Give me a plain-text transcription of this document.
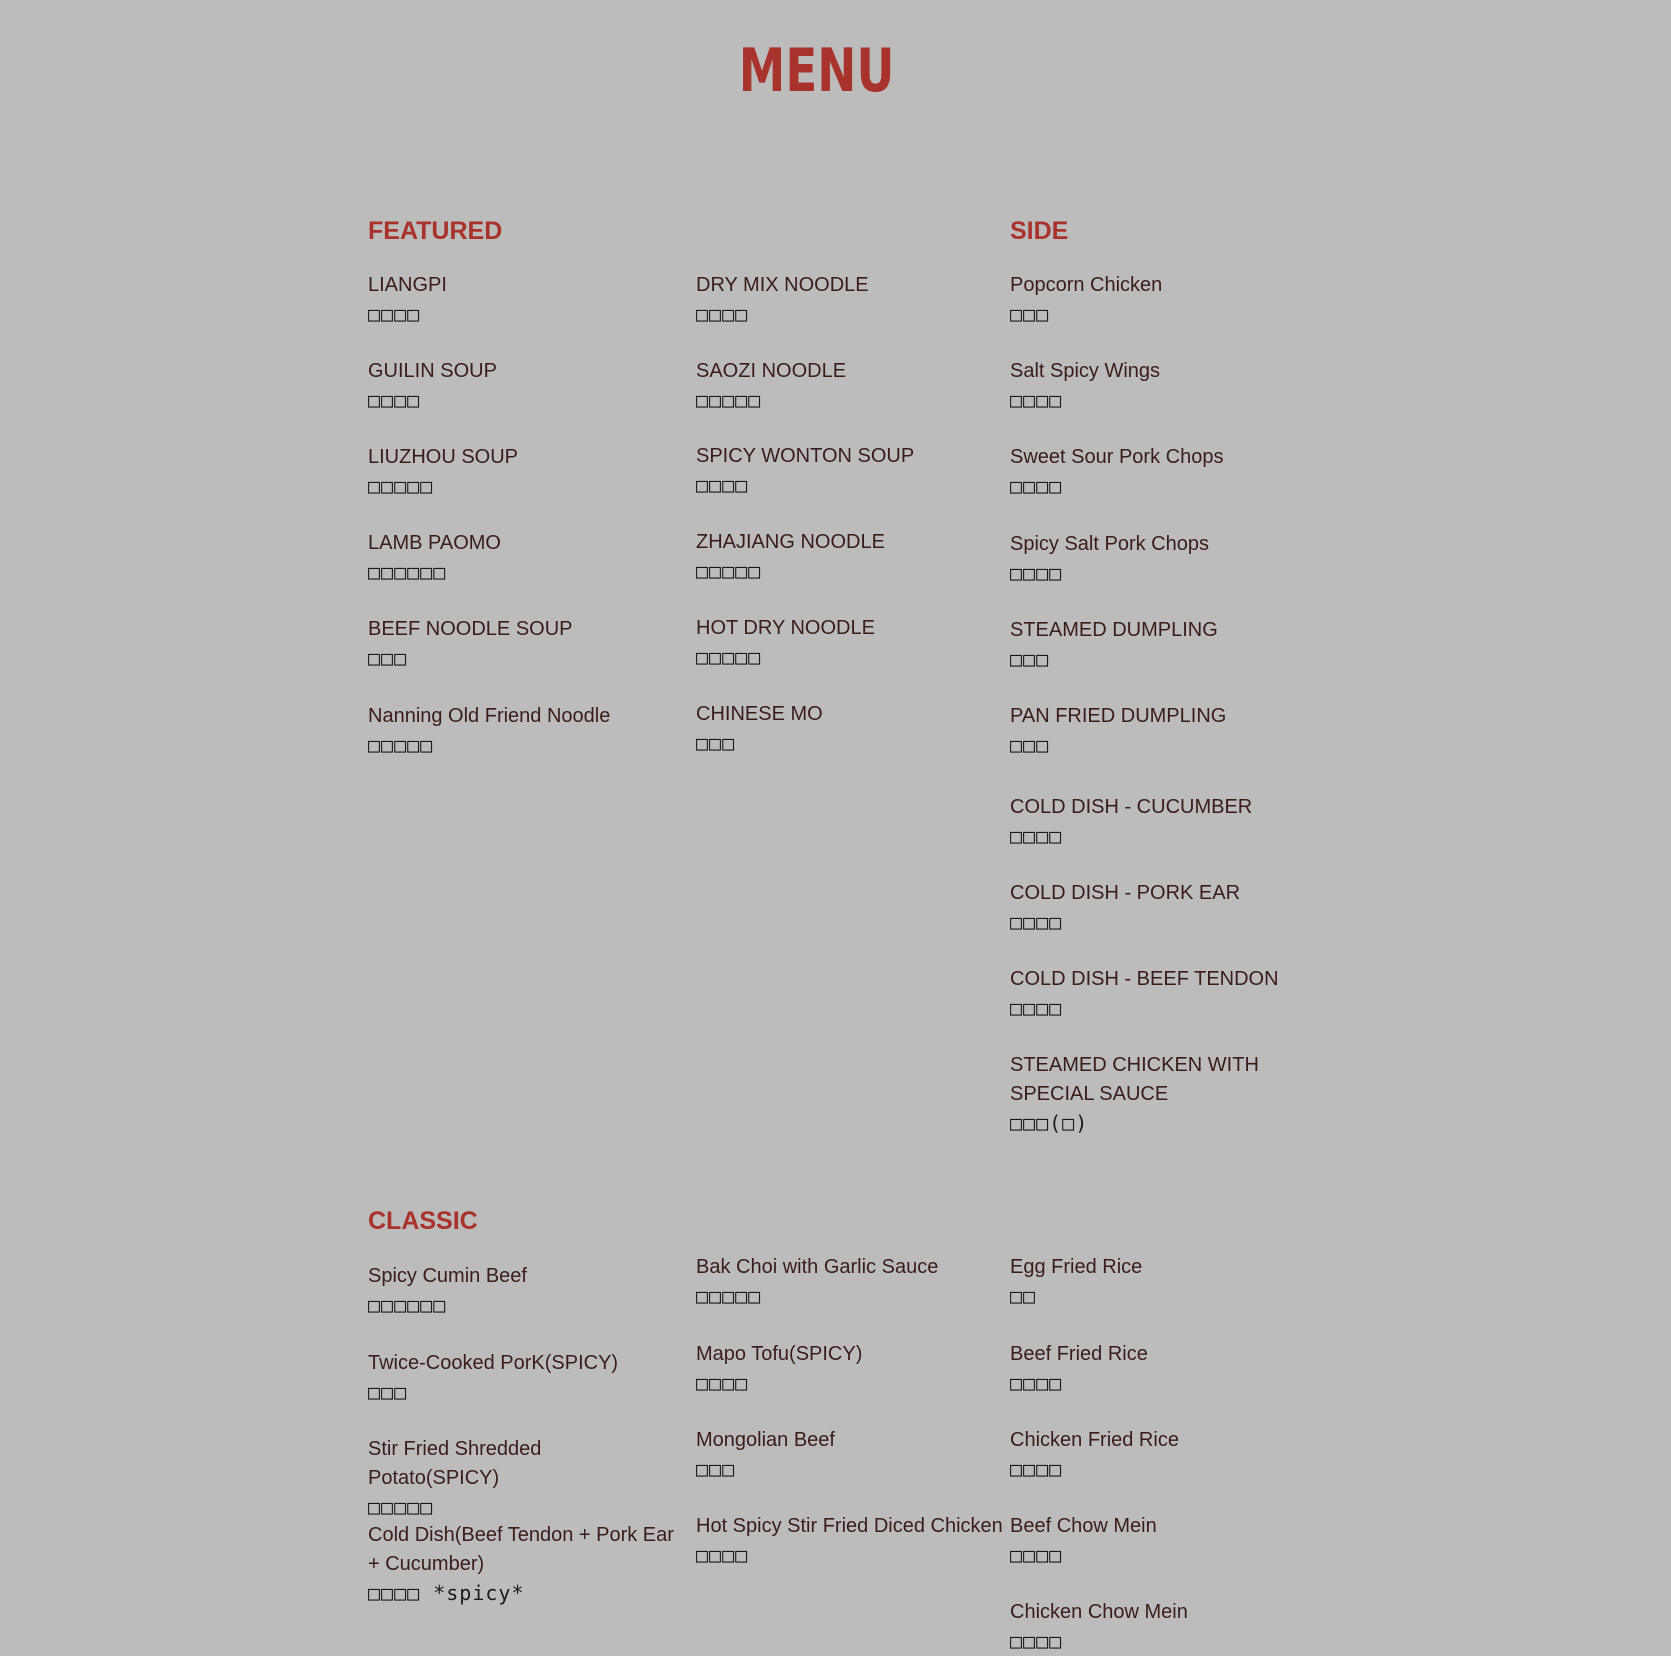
MENU
FEATURED
LIANGPI
□□□□
GUILIN SOUP
□□□□
LIUZHOU SOUP
□□□□□
LAMB PAOMO
□□□□□□
BEEF NOODLE SOUP
□□□
Nanning Old Friend Noodle
□□□□□
DRY MIX NOODLE
□□□□
SAOZI NOODLE
□□□□□
SPICY WONTON SOUP
□□□□
ZHAJIANG NOODLE
□□□□□
HOT DRY NOODLE
□□□□□
CHINESE MO
□□□
SIDE
Popcorn Chicken
□□□
Salt Spicy Wings
□□□□
Sweet Sour Pork Chops
□□□□
Spicy Salt Pork Chops
□□□□
STEAMED DUMPLING
□□□
PAN FRIED DUMPLING
□□□
COLD DISH - CUCUMBER
□□□□
COLD DISH - PORK EAR
□□□□
COLD DISH - BEEF TENDON
□□□□
STEAMED CHICKEN WITH SPECIAL SAUCE
□□□(□)
CLASSIC
Spicy Cumin Beef
□□□□□□
Twice-Cooked PorK(SPICY)
□□□
Stir Fried Shredded Potato(SPICY)
□□□□□
Cold Dish(Beef Tendon + Pork Ear + Cucumber)
□□□□ *spicy*
Bak Choi with Garlic Sauce
□□□□□
Mapo Tofu(SPICY)
□□□□
Mongolian Beef
□□□
Hot Spicy Stir Fried Diced Chicken
□□□□
Egg Fried Rice
□□
Beef Fried Rice
□□□□
Chicken Fried Rice
□□□□
Beef Chow Mein
□□□□
Chicken Chow Mein
□□□□
